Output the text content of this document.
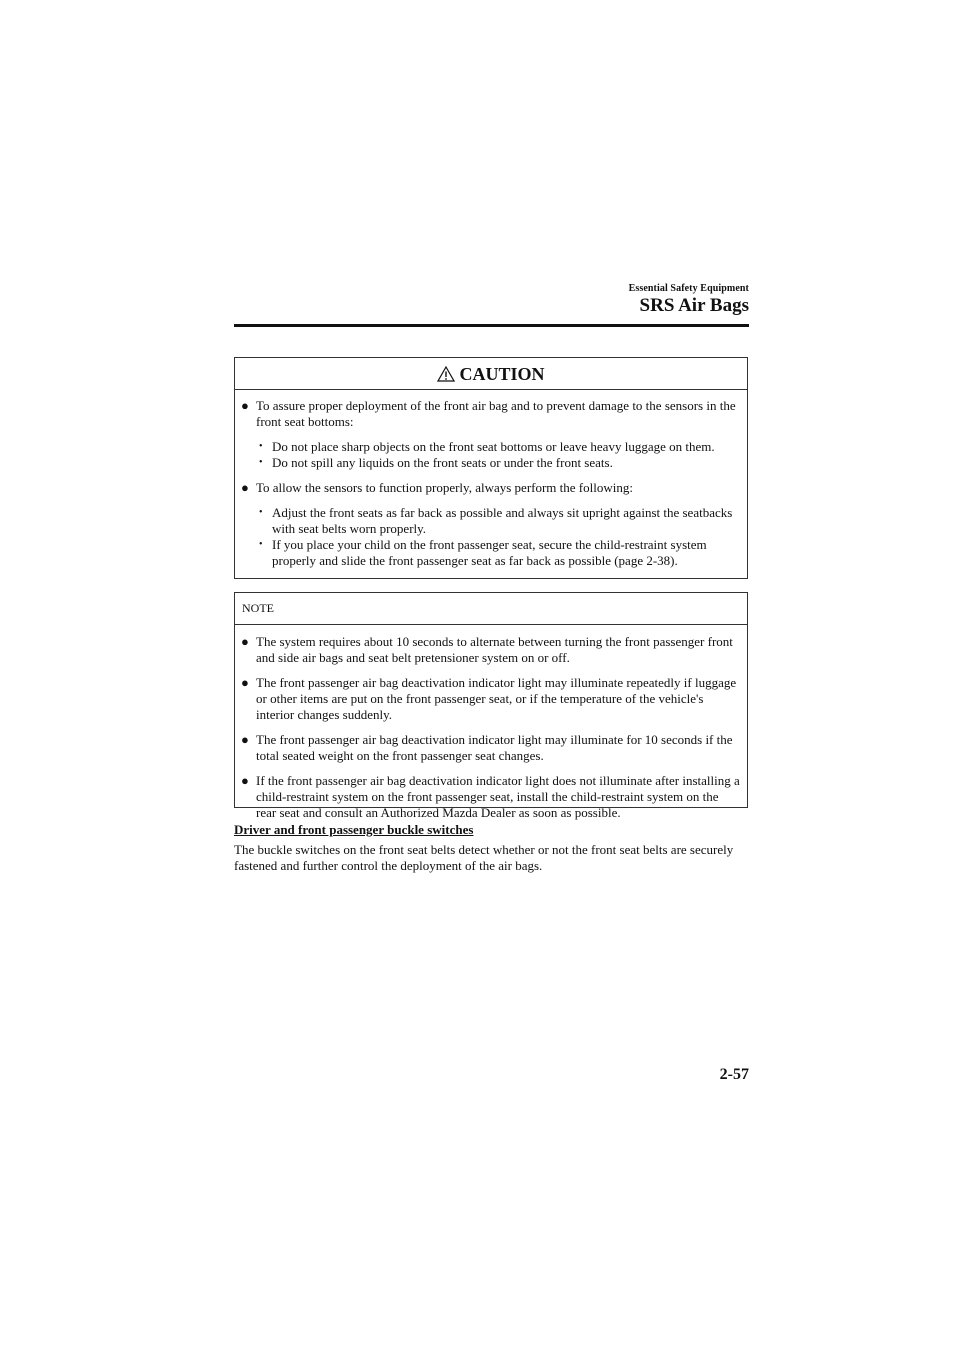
Essential Safety Equipment
SRS Air Bags
CAUTION
● To assure proper deployment of the front air bag and to prevent damage to the sensors in the front seat bottoms:
• Do not place sharp objects on the front seat bottoms or leave heavy luggage on them.
• Do not spill any liquids on the front seats or under the front seats.
● To allow the sensors to function properly, always perform the following:
• Adjust the front seats as far back as possible and always sit upright against the seatbacks with seat belts worn properly.
• If you place your child on the front passenger seat, secure the child-restraint system properly and slide the front passenger seat as far back as possible (page 2-38).
NOTE
● The system requires about 10 seconds to alternate between turning the front passenger front and side air bags and seat belt pretensioner system on or off.
● The front passenger air bag deactivation indicator light may illuminate repeatedly if luggage or other items are put on the front passenger seat, or if the temperature of the vehicle's interior changes suddenly.
● The front passenger air bag deactivation indicator light may illuminate for 10 seconds if the total seated weight on the front passenger seat changes.
● If the front passenger air bag deactivation indicator light does not illuminate after installing a child-restraint system on the front passenger seat, install the child-restraint system on the rear seat and consult an Authorized Mazda Dealer as soon as possible.
Driver and front passenger buckle switches
The buckle switches on the front seat belts detect whether or not the front seat belts are securely fastened and further control the deployment of the air bags.
2-57
